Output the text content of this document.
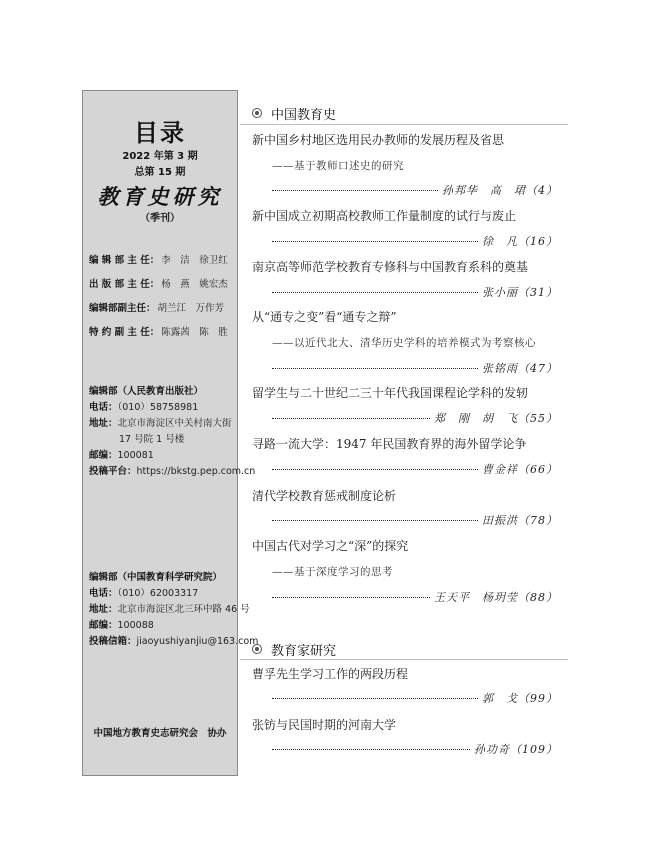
目录
2022 年第 3 期
总第 15 期
教育史研究
（季刊）
编 辑 部 主 任： 李　洁　徐卫红
出 版 部 主 任： 杨　燕　姚宏杰
编辑部副主任： 胡兰江　万作芳
特 约 副 主 任： 陈露茜　陈　胜
编辑部（人民教育出版社）
电话：（010）58758981
地址：北京市海淀区中关村南大街
17 号院 1 号楼
邮编：100081
投稿平台：https://bkstg.pep.com.cn
编辑部（中国教育科学研究院）
电话：（010）62003317
地址：北京市海淀区北三环中路 46 号
邮编：100088
投稿信箱：jiaoyushiyanjiu@163.com
中国地方教育史志研究会　协办
中国教育史
新中国乡村地区选用民办教师的发展历程及省思
——基于教师口述史的研究
孙邦华　高　珺（4）
新中国成立初期高校教师工作量制度的试行与废止
徐　凡（16）
南京高等师范学校教育专修科与中国教育系科的奠基
张小丽（31）
从“通专之变”看“通专之辩”
——以近代北大、清华历史学科的培养模式为考察核心
张铭雨（47）
留学生与二十世纪二三十年代我国课程论学科的发轫
郑　刚　胡　飞（55）
寻路一流大学：1947 年民国教育界的海外留学论争
曹金祥（66）
清代学校教育惩戒制度论析
田振洪（78）
中国古代对学习之“深”的探究
——基于深度学习的思考
王天平　杨玥莹（88）
教育家研究
曹孚先生学习工作的两段历程
郭　戈（99）
张钫与民国时期的河南大学
孙功奇（109）
